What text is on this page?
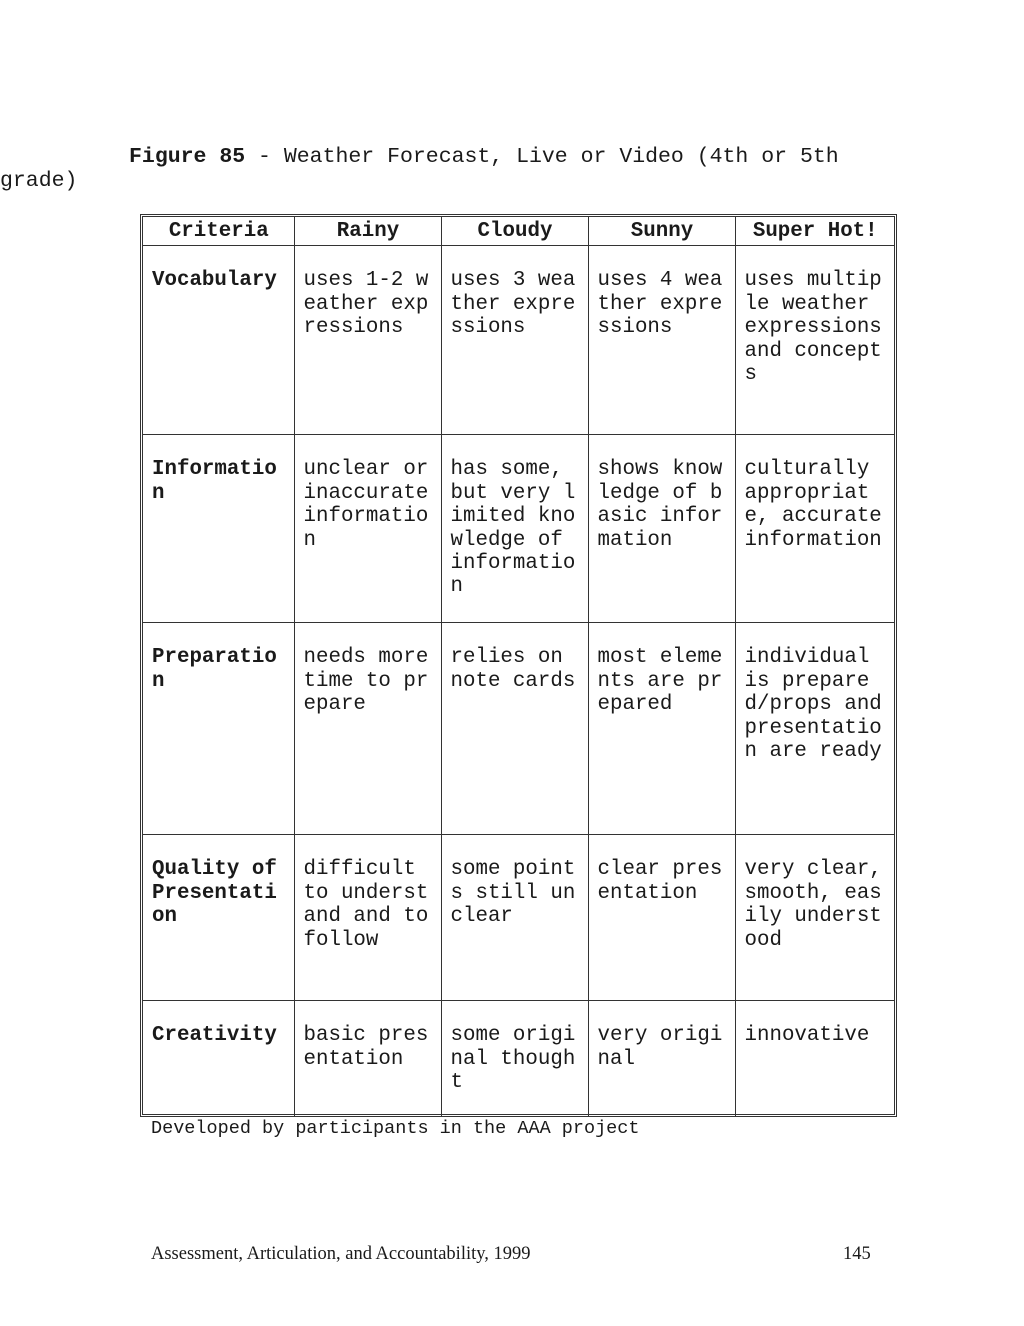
Figure 85 - Weather Forecast, Live or Video (4th or 5th
grade)
Criteria	Rainy	Cloudy	Sunny	Super Hot!
Vocabulary	uses 1-2 weather expressions	uses 3 weather expressions	uses 4 weather expressions	uses multiple weather expressions and concepts
Information	unclear or inaccurate information	has some, but very limited knowledge of information	shows knowledge of basic information	culturally appropriate, accurate information
Preparation	needs more time to prepare	relies on note cards	most elements are prepared	individual is prepared/props and presentation are ready
Quality of Presentation	difficult to understand and to follow	some points still unclear	clear presentation	very clear, smooth, easily understood
Creativity	basic presentation	some original thought	very original	innovative
Developed by participants in the AAA project
Assessment, Articulation, and Accountability, 1999	145
